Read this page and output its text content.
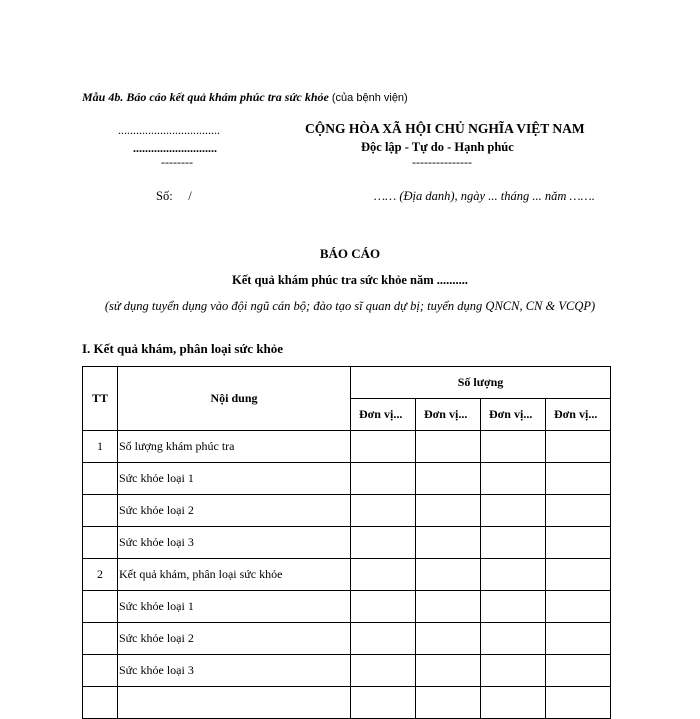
Mẫu 4b. Báo cáo kết quả khám phúc tra sức khỏe (của bệnh viện)
..................................
............................
--------
CỘNG HÒA XÃ HỘI CHỦ NGHĨA VIỆT NAM
Độc lập - Tự do - Hạnh phúc
---------------
Số:     /	…… (Địa danh), ngày ... tháng ... năm …….
BÁO CÁO
Kết quả khám phúc tra sức khỏe năm ..........
(sử dụng tuyển dụng vào đội ngũ cán bộ; đào tạo sĩ quan dự bị; tuyển dụng QNCN, CN & VCQP)
I. Kết quả khám, phân loại sức khỏe
TT	Nội dung	Số lượng			
		Đơn vị...	Đơn vị...	Đơn vị...	Đơn vị...
1	Số lượng khám phúc tra				
	Sức khỏe loại 1				
	Sức khỏe loại 2				
	Sức khỏe loại 3				
2	Kết quả khám, phân loại sức khỏe				
	Sức khỏe loại 1				
	Sức khỏe loại 2				
	Sức khỏe loại 3				
